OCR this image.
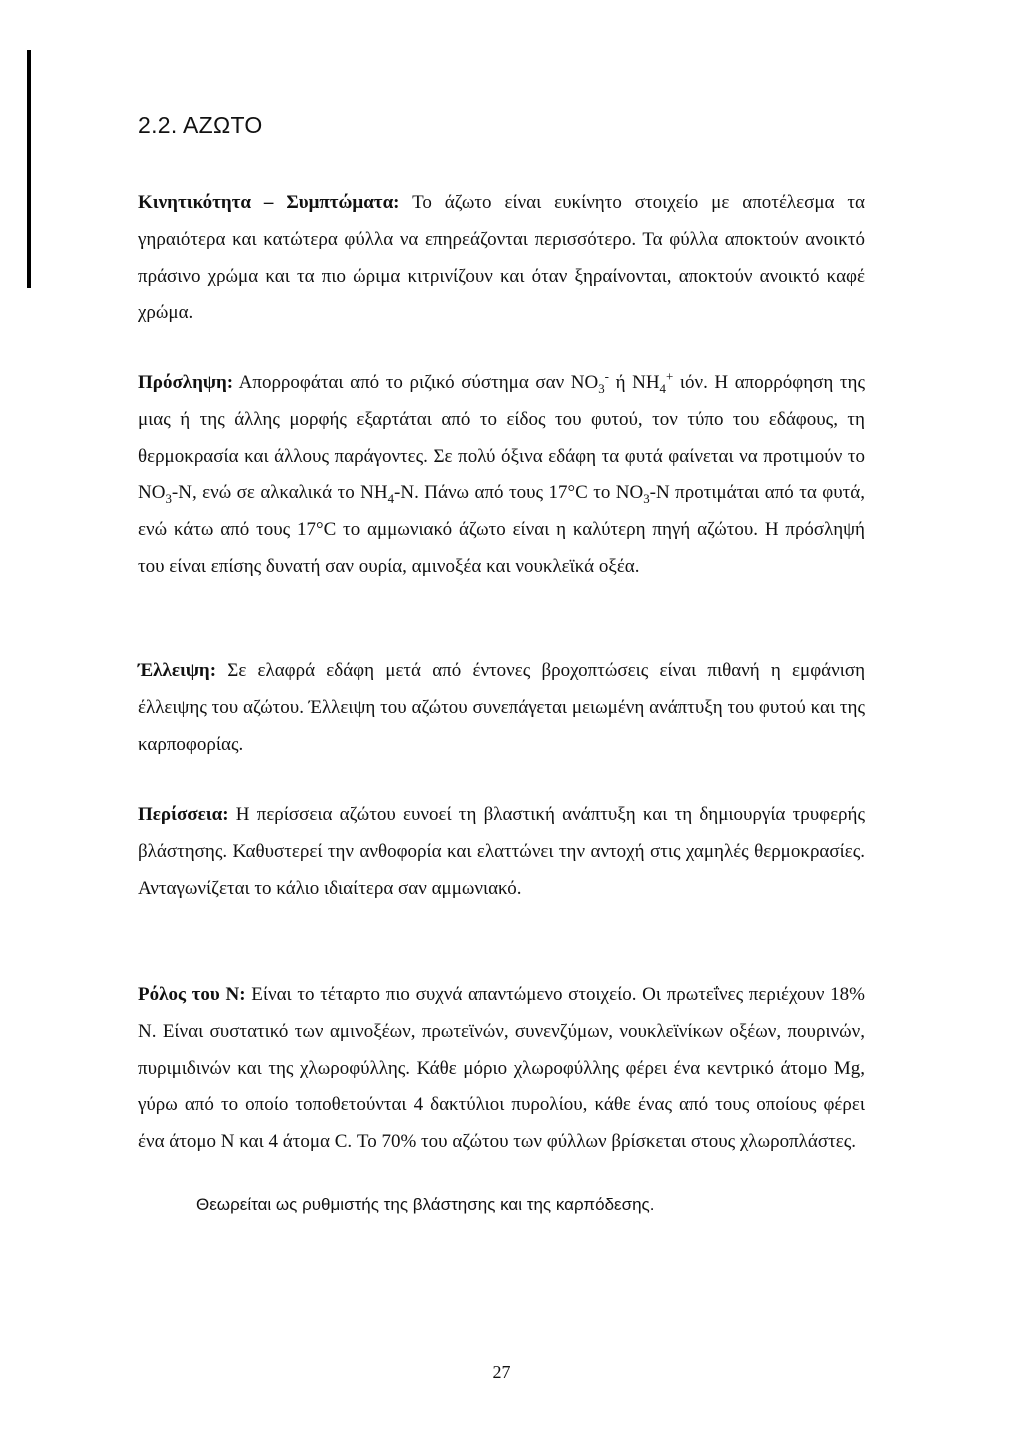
2.2. ΑΖΩΤΟ

Κινητικότητα – Συμπτώματα: Το άζωτο είναι ευκίνητο στοιχείο με αποτέλεσμα τα γηραιότερα και κατώτερα φύλλα να επηρεάζονται περισσότερο. Τα φύλλα αποκτούν ανοικτό πράσινο χρώμα και τα πιο ώριμα κιτρινίζουν και όταν ξηραίνονται, αποκτούν ανοικτό καφέ χρώμα.

Πρόσληψη: Απορροφάται από το ριζικό σύστημα σαν $NO_3^-$ ή $NH_4^+$ ιόν. Η απορρόφηση της μιας ή της άλλης μορφής εξαρτάται από το είδος του φυτού, τον τύπο του εδάφους, τη θερμοκρασία και άλλους παράγοντες. Σε πολύ όξινα εδάφη τα φυτά φαίνεται να προτιμούν το $NO_3-N$, ενώ σε αλκαλικά το $NH_4-N$. Πάνω από τους 17°C το $NO_3-N$ προτιμάται από τα φυτά, ενώ κάτω από τους 17°C το αμμωνιακό άζωτο είναι η καλύτερη πηγή αζώτου. Η πρόσληψή του είναι επίσης δυνατή σαν ουρία, αμινοξέα και νουκλεϊκά οξέα.

Έλλειψη: Σε ελαφρά εδάφη μετά από έντονες βροχοπτώσεις είναι πιθανή η εμφάνιση έλλειψης του αζώτου. Έλλειψη του αζώτου συνεπάγεται μειωμένη ανάπτυξη του φυτού και της καρποφορίας.

Περίσσεια: Η περίσσεια αζώτου ευνοεί τη βλαστική ανάπτυξη και τη δημιουργία τρυφερής βλάστησης. Καθυστερεί την ανθοφορία και ελαττώνει την αντοχή στις χαμηλές θερμοκρασίες. Ανταγωνίζεται το κάλιο ιδιαίτερα σαν αμμωνιακό.

Ρόλος του N: Είναι το τέταρτο πιο συχνά απαντώμενο στοιχείο. Οι πρωτεΐνες περιέχουν 18% N. Είναι συστατικό των αμινοξέων, πρωτεϊνών, συνενζύμων, νουκλεϊνίκων οξέων, πουρινών, πυριμιδινών και της χλωροφύλλης. Κάθε μόριο χλωροφύλλης φέρει ένα κεντρικό άτομο Mg, γύρω από το οποίο τοποθετούνται 4 δακτύλιοι πυρολίου, κάθε ένας από τους οποίους φέρει ένα άτομο N και 4 άτομα C. Το 70% του αζώτου των φύλλων βρίσκεται στους χλωροπλάστες.

Θεωρείται ως ρυθμιστής της βλάστησης και της καρπόδεσης.

27
